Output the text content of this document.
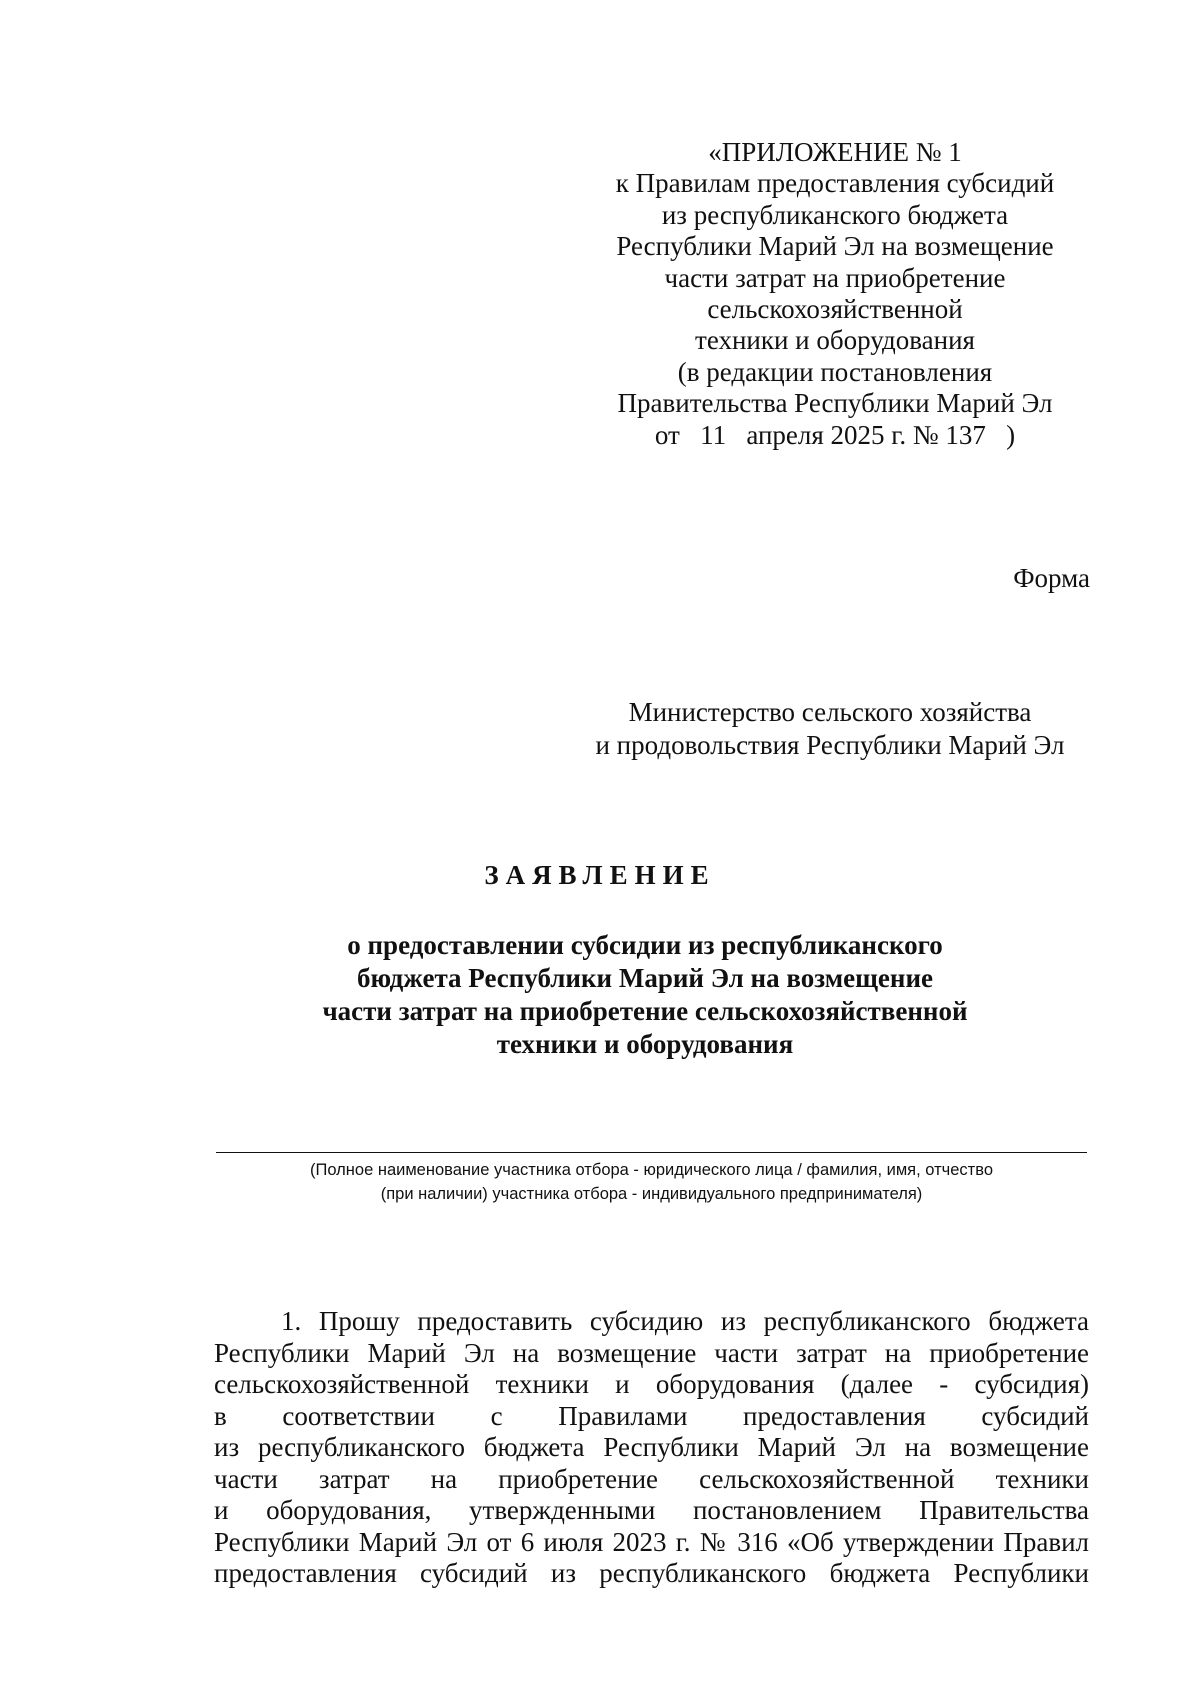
«ПРИЛОЖЕНИЕ № 1
к Правилам предоставления субсидий
из республиканского бюджета
Республики Марий Эл на возмещение
части затрат на приобретение
сельскохозяйственной
техники и оборудования
(в редакции постановления
Правительства Республики Марий Эл
от   11   апреля 2025 г. № 137   )
Форма
Министерство сельского хозяйства
и продовольствия Республики Марий Эл
ЗАЯВЛЕНИЕ
о предоставлении субсидии из республиканского
бюджета Республики Марий Эл на возмещение
части затрат на приобретение сельскохозяйственной
техники и оборудования
(Полное наименование участника отбора - юридического лица / фамилия, имя, отчество
(при наличии) участника отбора - индивидуального предпринимателя)
1. Прошу предоставить субсидию из республиканского бюджета
Республики Марий Эл на возмещение части затрат на приобретение
сельскохозяйственной техники и оборудования (далее - субсидия)
в соответствии с Правилами предоставления субсидий
из республиканского бюджета Республики Марий Эл на возмещение
части затрат на приобретение сельскохозяйственной техники
и оборудования, утвержденными постановлением Правительства
Республики Марий Эл от 6 июля 2023 г. № 316 «Об утверждении Правил
предоставления субсидий из республиканского бюджета Республики
